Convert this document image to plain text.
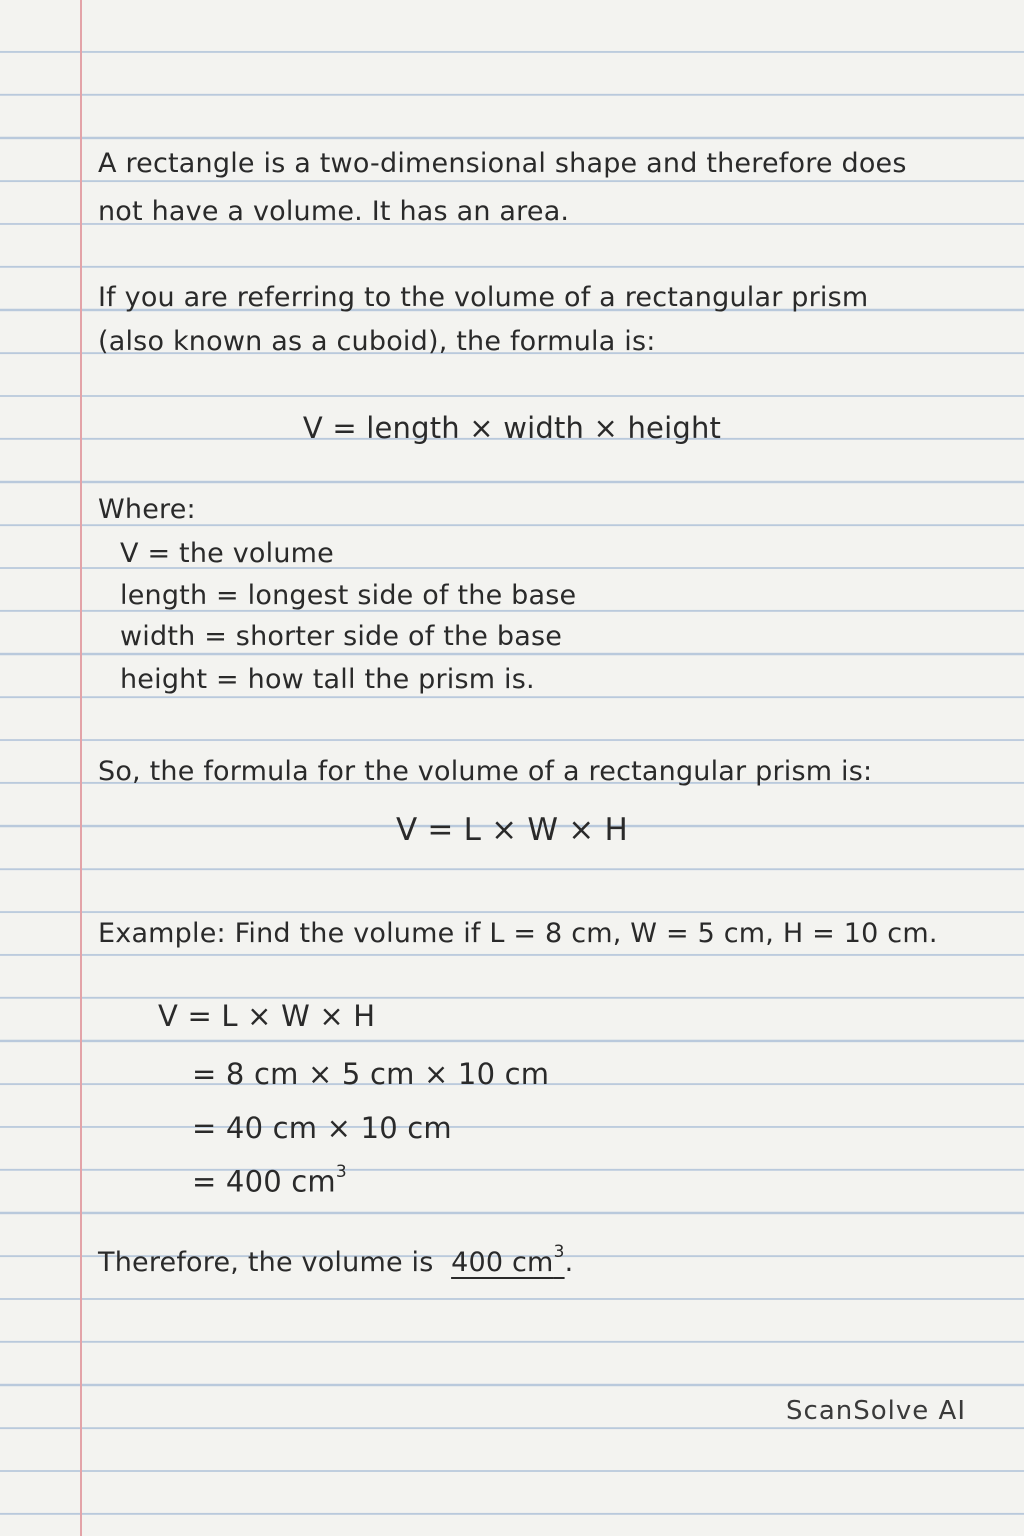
A rectangle is a two-dimensional shape and therefore does

not have a volume. It has an area.

If you are referring to the volume of a rectangular prism

(also known as a cuboid), the formula is:

V = length × width × height

Where:

V = the volume

length = longest side of the base

width = shorter side of the base

height = how tall the prism is.

So, the formula for the volume of a rectangular prism is:

V = L × W × H

Example: Find the volume if L = 8 cm, W = 5 cm, H = 10 cm.

V = L × W × H

= 8 cm × 5 cm × 10 cm

= 40 cm × 10 cm

= 400 $cm^3$

Therefore, the volume is 400 $cm^3$.

ScanSolve AI
